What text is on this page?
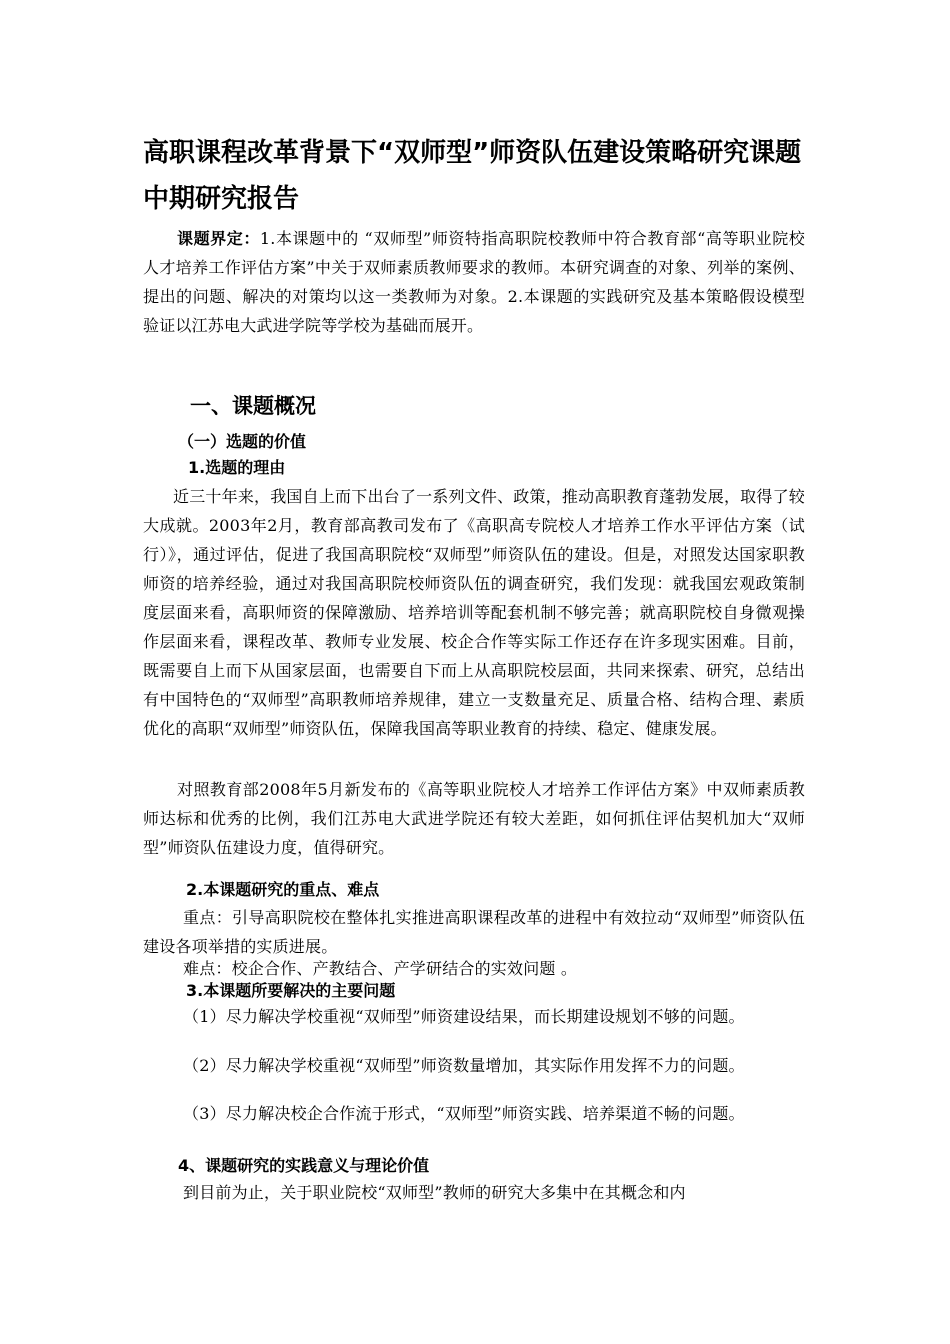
高职课程改革背景下“双师型”师资队伍建设策略研究课题中期研究报告

课题界定：1.本课题中的 “双师型”师资特指高职院校教师中符合教育部“高等职业院校人才培养工作评估方案”中关于双师素质教师要求的教师。本研究调查的对象、列举的案例、提出的问题、解决的对策均以这一类教师为对象。2.本课题的实践研究及基本策略假设模型验证以江苏电大武进学院等学校为基础而展开。

一、课题概况
（一）选题的价值
1.选题的理由

近三十年来，我国自上而下出台了一系列文件、政策，推动高职教育蓬勃发展，取得了较大成就。2003年2月，教育部高教司发布了《高职高专院校人才培养工作水平评估方案（试行）》，通过评估，促进了我国高职院校“双师型”师资队伍的建设。但是，对照发达国家职教师资的培养经验，通过对我国高职院校师资队伍的调查研究，我们发现：就我国宏观政策制度层面来看，高职师资的保障激励、培养培训等配套机制不够完善；就高职院校自身微观操作层面来看，课程改革、教师专业发展、校企合作等实际工作还存在许多现实困难。目前，既需要自上而下从国家层面，也需要自下而上从高职院校层面，共同来探索、研究，总结出有中国特色的“双师型”高职教师培养规律，建立一支数量充足、质量合格、结构合理、素质优化的高职“双师型”师资队伍，保障我国高等职业教育的持续、稳定、健康发展。

对照教育部2008年5月新发布的《高等职业院校人才培养工作评估方案》中双师素质教师达标和优秀的比例，我们江苏电大武进学院还有较大差距，如何抓住评估契机加大“双师型”师资队伍建设力度，值得研究。

2.本课题研究的重点、难点

重点：引导高职院校在整体扎实推进高职课程改革的进程中有效拉动“双师型”师资队伍建设各项举措的实质进展。

难点：校企合作、产教结合、产学研结合的实效问题 。

3.本课题所要解决的主要问题

（1）尽力解决学校重视“双师型”师资建设结果，而长期建设规划不够的问题。

（2）尽力解决学校重视“双师型”师资数量增加，其实际作用发挥不力的问题。

（3）尽力解决校企合作流于形式，“双师型”师资实践、培养渠道不畅的问题。

4、课题研究的实践意义与理论价值

到目前为止，关于职业院校“双师型”教师的研究大多集中在其概念和内
